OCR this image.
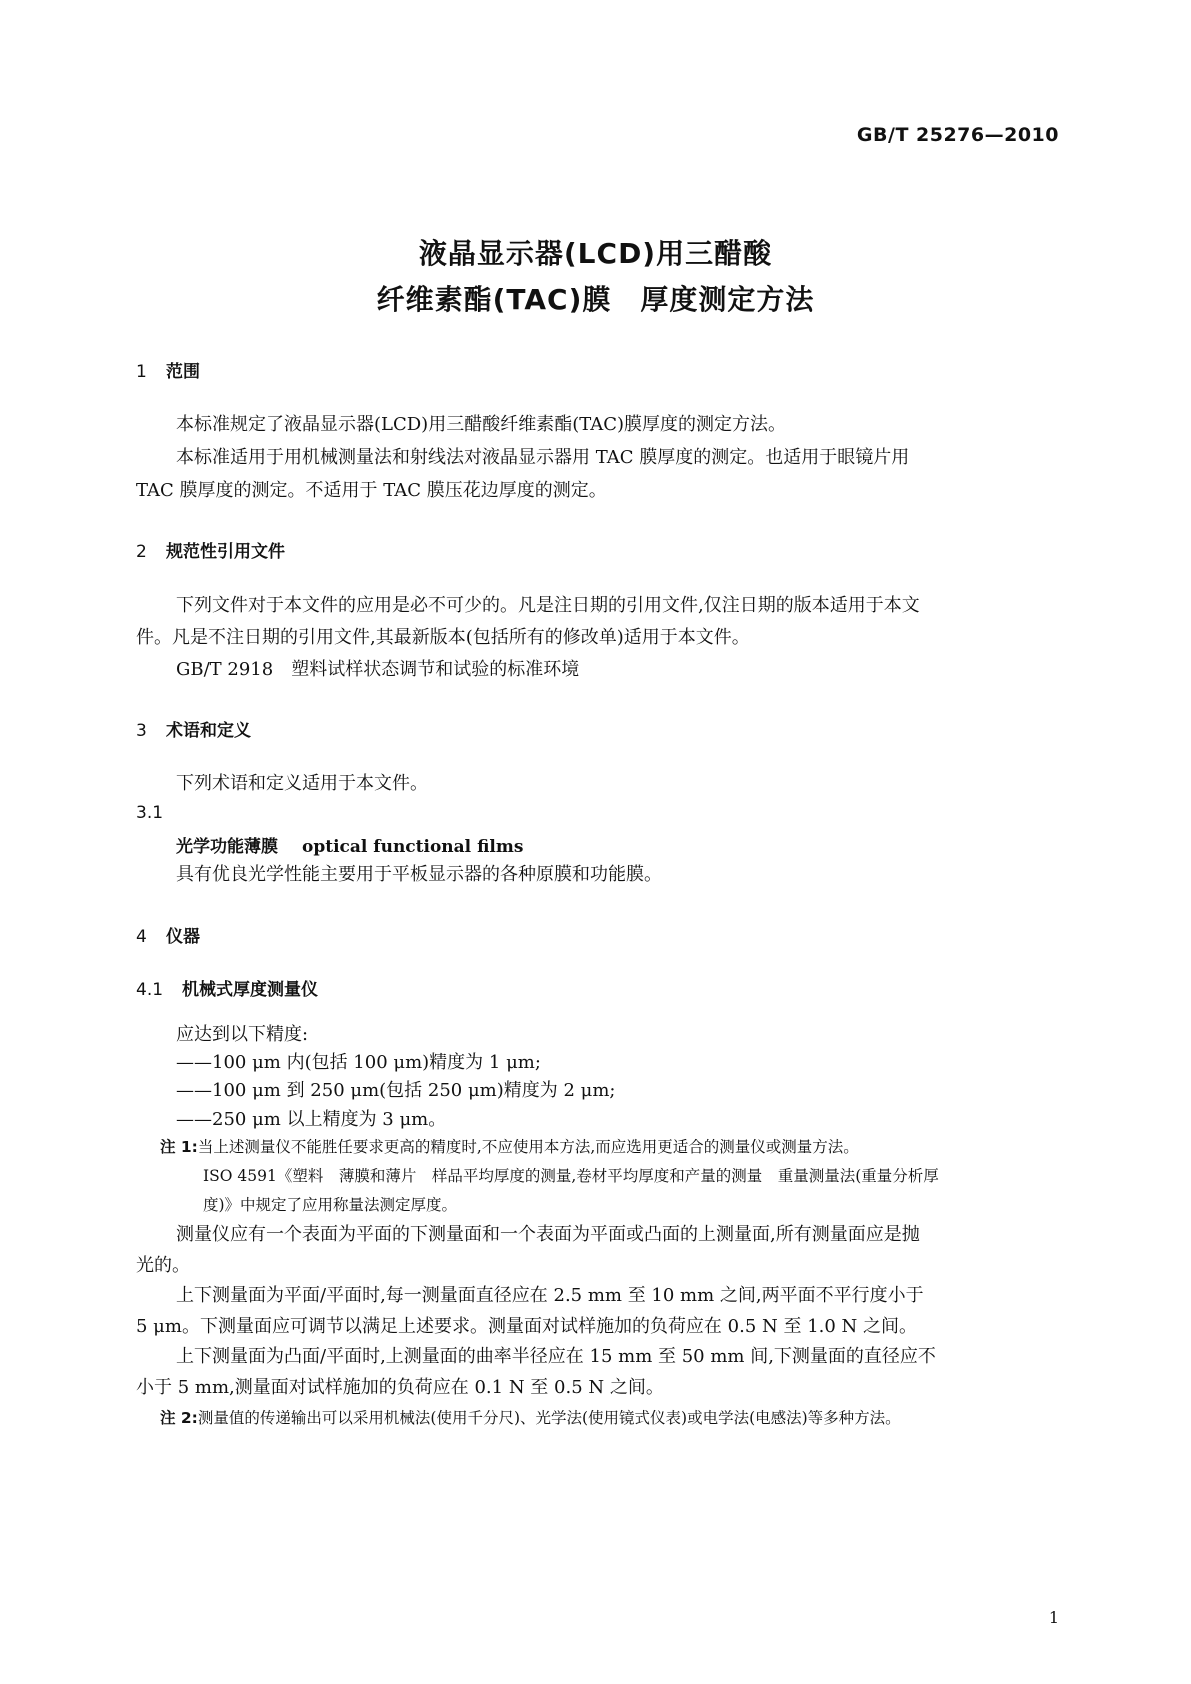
GB/T 25276—2010
液晶显示器(LCD)用三醋酸
纤维素酯(TAC)膜　厚度测定方法
1 范围
本标准规定了液晶显示器(LCD)用三醋酸纤维素酯(TAC)膜厚度的测定方法。
本标准适用于用机械测量法和射线法对液晶显示器用 TAC 膜厚度的测定。也适用于眼镜片用
TAC 膜厚度的测定。不适用于 TAC 膜压花边厚度的测定。
2 规范性引用文件
下列文件对于本文件的应用是必不可少的。凡是注日期的引用文件,仅注日期的版本适用于本文
件。凡是不注日期的引用文件,其最新版本(包括所有的修改单)适用于本文件。
GB/T 2918　塑料试样状态调节和试验的标准环境
3 术语和定义
下列术语和定义适用于本文件。
3.1
光学功能薄膜 optical functional films
具有优良光学性能主要用于平板显示器的各种原膜和功能膜。
4 仪器
4.1 机械式厚度测量仪
应达到以下精度:
——100 μm 内(包括 100 μm)精度为 1 μm;
——100 μm 到 250 μm(包括 250 μm)精度为 2 μm;
——250 μm 以上精度为 3 μm。
注 1:当上述测量仪不能胜任要求更高的精度时,不应使用本方法,而应选用更适合的测量仪或测量方法。
ISO 4591《塑料　薄膜和薄片　样品平均厚度的测量,卷材平均厚度和产量的测量　重量测量法(重量分析厚
度)》中规定了应用称量法测定厚度。
测量仪应有一个表面为平面的下测量面和一个表面为平面或凸面的上测量面,所有测量面应是抛
光的。
上下测量面为平面/平面时,每一测量面直径应在 2.5 mm 至 10 mm 之间,两平面不平行度小于
5 μm。下测量面应可调节以满足上述要求。测量面对试样施加的负荷应在 0.5 N 至 1.0 N 之间。
上下测量面为凸面/平面时,上测量面的曲率半径应在 15 mm 至 50 mm 间,下测量面的直径应不
小于 5 mm,测量面对试样施加的负荷应在 0.1 N 至 0.5 N 之间。
注 2:测量值的传递输出可以采用机械法(使用千分尺)、光学法(使用镜式仪表)或电学法(电感法)等多种方法。
1
